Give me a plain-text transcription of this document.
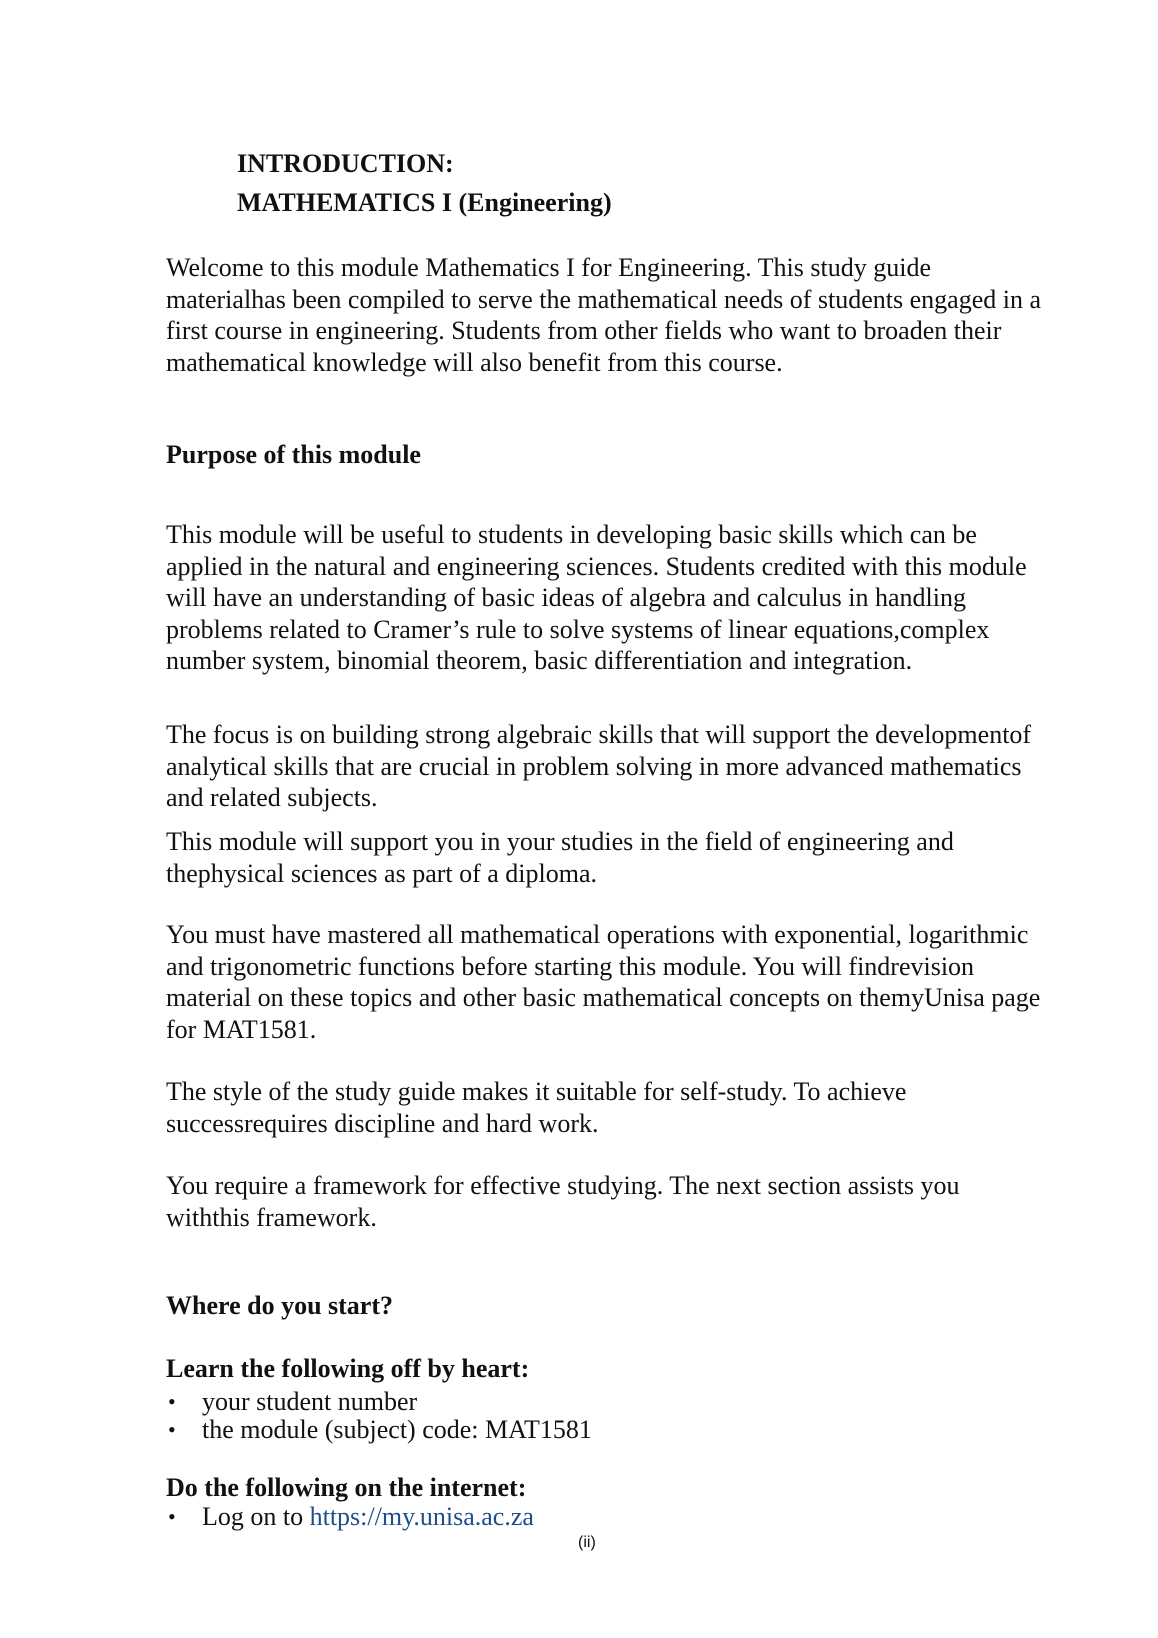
INTRODUCTION:
MATHEMATICS I (Engineering)

Welcome to this module Mathematics I for Engineering. This study guide materialhas been compiled to serve the mathematical needs of students engaged in a first course in engineering. Students from other fields who want to broaden their mathematical knowledge will also benefit from this course.

Purpose of this module

This module will be useful to students in developing basic skills which can be applied in the natural and engineering sciences. Students credited with this module will have an understanding of basic ideas of algebra and calculus in handling problems related to Cramer’s rule to solve systems of linear equations,complex number system, binomial theorem, basic differentiation and integration.

The focus is on building strong algebraic skills that will support the developmentof analytical skills that are crucial in problem solving in more advanced mathematics and related subjects.

This module will support you in your studies in the field of engineering and thephysical sciences as part of a diploma.

You must have mastered all mathematical operations with exponential, logarithmic and trigonometric functions before starting this module. You will findrevision material on these topics and other basic mathematical concepts on themyUnisa page for MAT1581.

The style of the study guide makes it suitable for self-study. To achieve successrequires discipline and hard work.

You require a framework for effective studying. The next section assists you withthis framework.

Where do you start?
Learn the following off by heart:
• your student number
• the module (subject) code: MAT1581
Do the following on the internet:
• Log on to https://my.unisa.ac.za
(ii)
